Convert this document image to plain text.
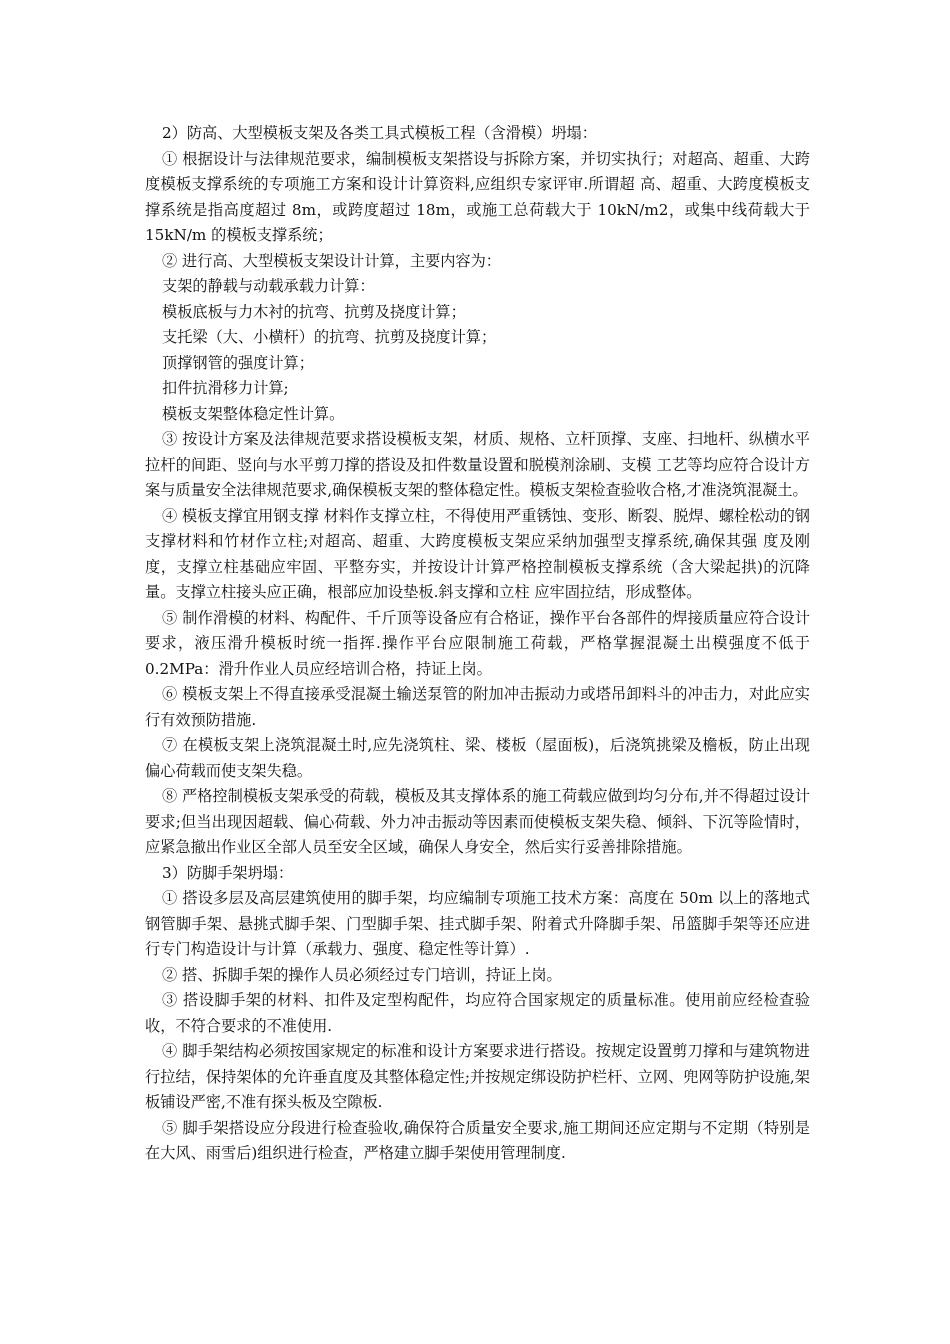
2）防高、大型模板支架及各类工具式模板工程（含滑模）坍塌：

① 根据设计与法律规范要求，编制模板支架搭设与拆除方案，并切实执行；对超高、超重、大跨度模板支撑系统的专项施工方案和设计计算资料,应组织专家评审.所谓超 高、超重、大跨度模板支撑系统是指高度超过 8m，或跨度超过 18m，或施工总荷载大于 10kN/m2，或集中线荷载大于 15kN/m 的模板支撑系统；

② 进行高、大型模板支架设计计算，主要内容为：

支架的静载与动载承载力计算：

模板底板与力木衬的抗弯、抗剪及挠度计算；

支托梁（大、小横杆）的抗弯、抗剪及挠度计算；

顶撑钢管的强度计算；

扣件抗滑移力计算;

模板支架整体稳定性计算。

③ 按设计方案及法律规范要求搭设模板支架，材质、规格、立杆顶撑、支座、扫地杆、纵横水平拉杆的间距、竖向与水平剪刀撑的搭设及扣件数量设置和脱模剂涂刷、支模 工艺等均应符合设计方案与质量安全法律规范要求,确保模板支架的整体稳定性。模板支架检查验收合格,才准浇筑混凝土。

④ 模板支撑宜用钢支撑 材料作支撑立柱，不得使用严重锈蚀、变形、断裂、脱焊、螺栓松动的钢支撑材料和竹材作立柱;对超高、超重、大跨度模板支架应采纳加强型支撑系统,确保其强 度及刚度，支撑立柱基础应牢固、平整夯实，并按设计计算严格控制模板支撑系统（含大梁起拱)的沉降量。支撑立柱接头应正确，根部应加设垫板.斜支撑和立柱 应牢固拉结，形成整体。

⑤ 制作滑模的材料、构配件、千斤顶等设备应有合格证，操作平台各部件的焊接质量应符合设计要求，液压滑升模板时统一指挥.操作平台应限制施工荷载，严格掌握混凝土出模强度不低于 0.2MPa：滑升作业人员应经培训合格，持证上岗。

⑥ 模板支架上不得直接承受混凝土输送泵管的附加冲击振动力或塔吊卸料斗的冲击力，对此应实行有效预防措施.

⑦ 在模板支架上浇筑混凝土时,应先浇筑柱、梁、楼板（屋面板)，后浇筑挑梁及檐板，防止出现偏心荷载而使支架失稳。

⑧ 严格控制模板支架承受的荷载，模板及其支撑体系的施工荷载应做到均匀分布,并不得超过设计要求;但当出现因超载、偏心荷载、外力冲击振动等因素而使模板支架失稳、倾斜、下沉等险情时，应紧急撤出作业区全部人员至安全区域，确保人身安全，然后实行妥善排除措施。

3）防脚手架坍塌：

① 搭设多层及高层建筑使用的脚手架，均应编制专项施工技术方案：高度在 50m 以上的落地式钢管脚手架、悬挑式脚手架、门型脚手架、挂式脚手架、附着式升降脚手架、吊篮脚手架等还应进行专门构造设计与计算（承载力、强度、稳定性等计算）.

② 搭、拆脚手架的操作人员必须经过专门培训，持证上岗。

③ 搭设脚手架的材料、扣件及定型构配件，均应符合国家规定的质量标准。使用前应经检查验收，不符合要求的不准使用.

④ 脚手架结构必须按国家规定的标准和设计方案要求进行搭设。按规定设置剪刀撑和与建筑物进行拉结，保持架体的允许垂直度及其整体稳定性;并按规定绑设防护栏杆、立网、兜网等防护设施,架板铺设严密,不准有探头板及空隙板.

⑤ 脚手架搭设应分段进行检查验收,确保符合质量安全要求,施工期间还应定期与不定期（特别是在大风、雨雪后)组织进行检查，严格建立脚手架使用管理制度.
